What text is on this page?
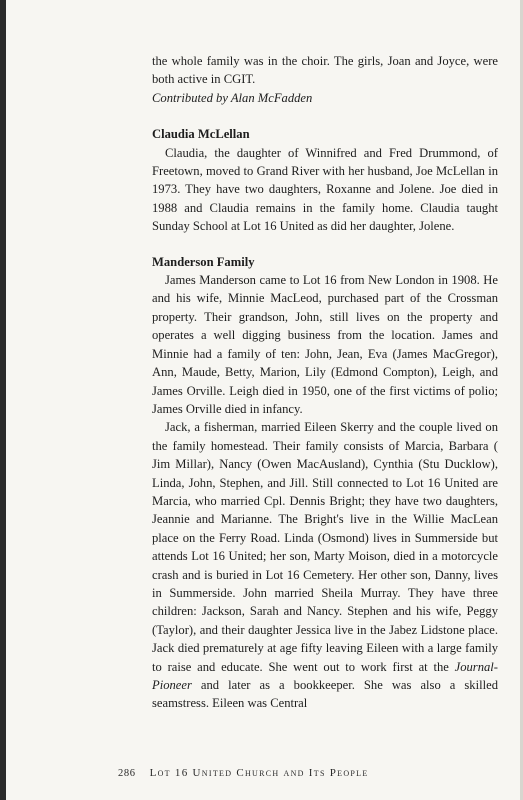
the whole family was in the choir. The girls, Joan and Joyce, were both active in CGIT.

Contributed by Alan McFadden

Claudia McLellan

Claudia, the daughter of Winnifred and Fred Drummond, of Freetown, moved to Grand River with her husband, Joe McLellan in 1973. They have two daughters, Roxanne and Jolene. Joe died in 1988 and Claudia remains in the family home. Claudia taught Sunday School at Lot 16 United as did her daughter, Jolene.

Manderson Family

James Manderson came to Lot 16 from New London in 1908. He and his wife, Minnie MacLeod, purchased part of the Crossman property. Their grandson, John, still lives on the property and operates a well digging business from the location. James and Minnie had a family of ten: John, Jean, Eva (James MacGregor), Ann, Maude, Betty, Marion, Lily (Edmond Compton), Leigh, and James Orville. Leigh died in 1950, one of the first victims of polio; James Orville died in infancy.

Jack, a fisherman, married Eileen Skerry and the couple lived on the family homestead. Their family consists of Marcia, Barbara ( Jim Millar), Nancy (Owen MacAusland), Cynthia (Stu Ducklow), Linda, John, Stephen, and Jill. Still connected to Lot 16 United are Marcia, who married Cpl. Dennis Bright; they have two daughters, Jeannie and Marianne. The Bright's live in the Willie MacLean place on the Ferry Road. Linda (Osmond) lives in Summerside but attends Lot 16 United; her son, Marty Moison, died in a motorcycle crash and is buried in Lot 16 Cemetery. Her other son, Danny, lives in Summerside. John married Sheila Murray. They have three children: Jackson, Sarah and Nancy. Stephen and his wife, Peggy (Taylor), and their daughter Jessica live in the Jabez Lidstone place. Jack died prematurely at age fifty leaving Eileen with a large family to raise and educate. She went out to work first at the Journal-Pioneer and later as a bookkeeper. She was also a skilled seamstress. Eileen was Central

286 Lot 16 United Church and Its People
